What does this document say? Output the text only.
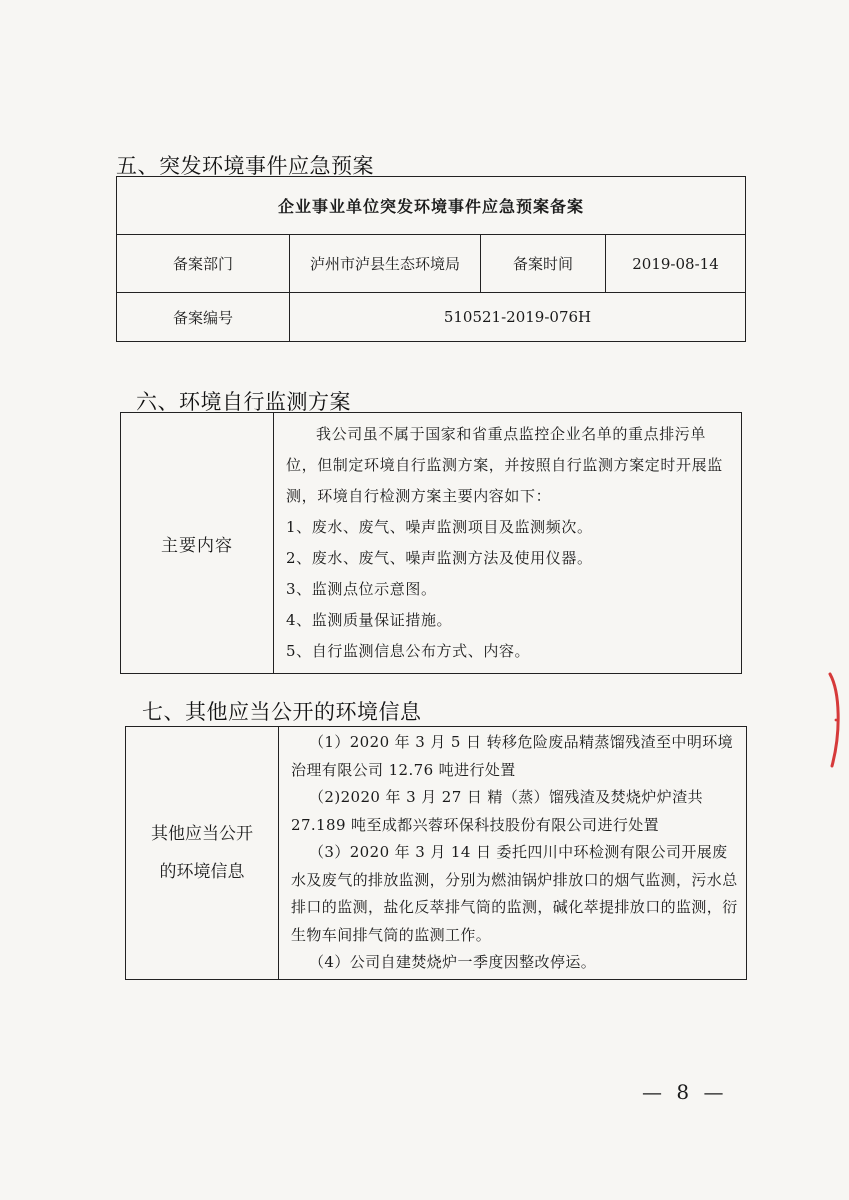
五、突发环境事件应急预案
企业事业单位突发环境事件应急预案备案			
备案部门	泸州市泸县生态环境局	备案时间	2019-08-14
备案编号	510521-2019-076H		
六、环境自行监测方案
主要内容	

我公司虽不属于国家和省重点监控企业名单的重点排污单位，但制定环境自行监测方案，并按照自行监测方案定时开展监测，环境自行检测方案主要内容如下：

1、废水、废气、噪声监测项目及监测频次。

2、废水、废气、噪声监测方法及使用仪器。

3、监测点位示意图。

4、监测质量保证措施。

5、自行监测信息公布方式、内容。

七、其他应当公开的环境信息
其他应当公开
的环境信息

（1）2020 年 3 月 5 日 转移危险废品精蒸馏残渣至中明环境治理有限公司 12.76 吨进行处置

（2)2020 年 3 月 27 日 精（蒸）馏残渣及焚烧炉炉渣共 27.189 吨至成都兴蓉环保科技股份有限公司进行处置

（3）2020 年 3 月 14 日 委托四川中环检测有限公司开展废水及废气的排放监测，分别为燃油锅炉排放口的烟气监测，污水总排口的监测，盐化反萃排气筒的监测，碱化萃提排放口的监测，衍生物车间排气筒的监测工作。

（4）公司自建焚烧炉一季度因整改停运。

— 8 —
